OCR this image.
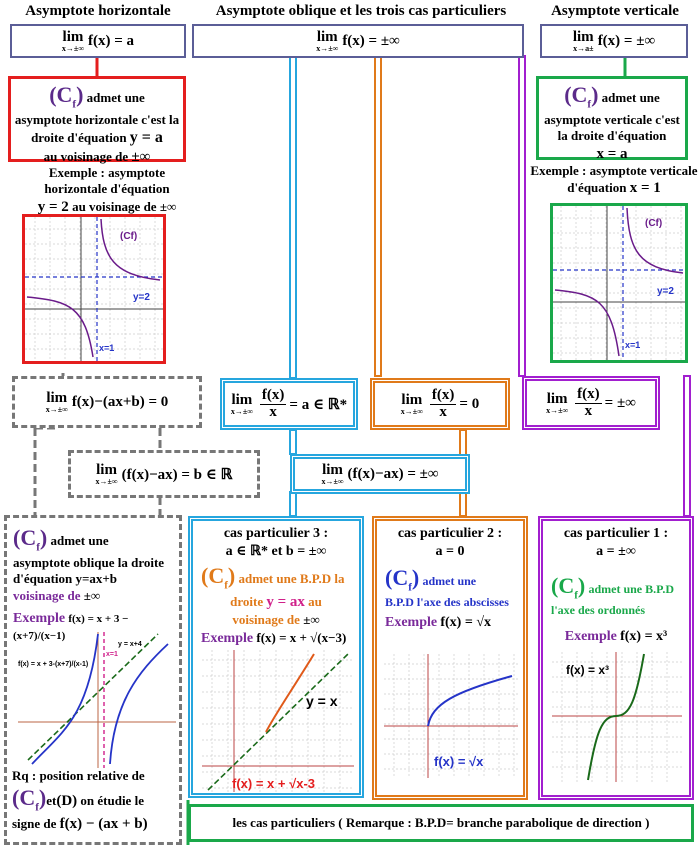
Asymptote horizontale	Asymptote oblique et les trois cas particuliers	Asymptote verticale
lim
x→±∞ f(x) = a	lim
x→±∞ f(x) = ±∞	lim
x→a± f(x) = ±∞
$(C_f)$ admet une
asymptote horizontale c'est la droite d'équation y = a
au voisinage de ±∞
Exemple : asymptote horizontale d'équation
y = 2 au voisinage de ±∞
(Cf)
y=2
x=1
$(C_f)$ admet une
asymptote verticale c'est la droite d'équation
x = a
Exemple : asymptote verticale d'équation x = 1
(Cf)
y=2
x=1
lim
x→±∞ f(x)−(ax+b) = 0	lim
$x\to\pm\infty \frac{f(x)}{x} = a$ ∈ ℝ*	lim
$x\to\pm\infty \frac{f(x)}{x} = 0$	lim
$x\to\pm\infty \frac{f(x)}{x}$ = ±∞
lim
x→±∞ (f(x)−ax) = b ∈ ℝ	lim
x→±∞ (f(x)−ax) = ±∞
$(C_f)$ admet une
asymptote oblique la droite d'équation y=ax+b
voisinage de ±∞
Exemple f(x) = x + 3 − (x+7)/(x−1)
f(x) = x + 3-(x+7)/(x-1)
y = x+4
x=1
Rq : position relative de
$(C_f)et(D)$ on étudie le
signe de f(x) − (ax + b)
cas particulier 3 :
a ∈ ℝ* et b = ±∞
$(C_f)$ admet une B.P.D la
droite y = ax au
voisinage de ±∞
Exemple f(x) = x + √(x−3)
y = x
f(x) = x + √x-3
cas particulier 2 :
a = 0
$(C_f)$ admet une
B.P.D l'axe des abscisses
Exemple f(x) = √x
f(x) = √x
cas particulier 1 :
a = ±∞
$(C_f)$ admet une B.P.D
l'axe des ordonnés
Exemple f(x) = x³
f(x) = x³
les cas particuliers ( Remarque : B.P.D= branche parabolique de direction )
